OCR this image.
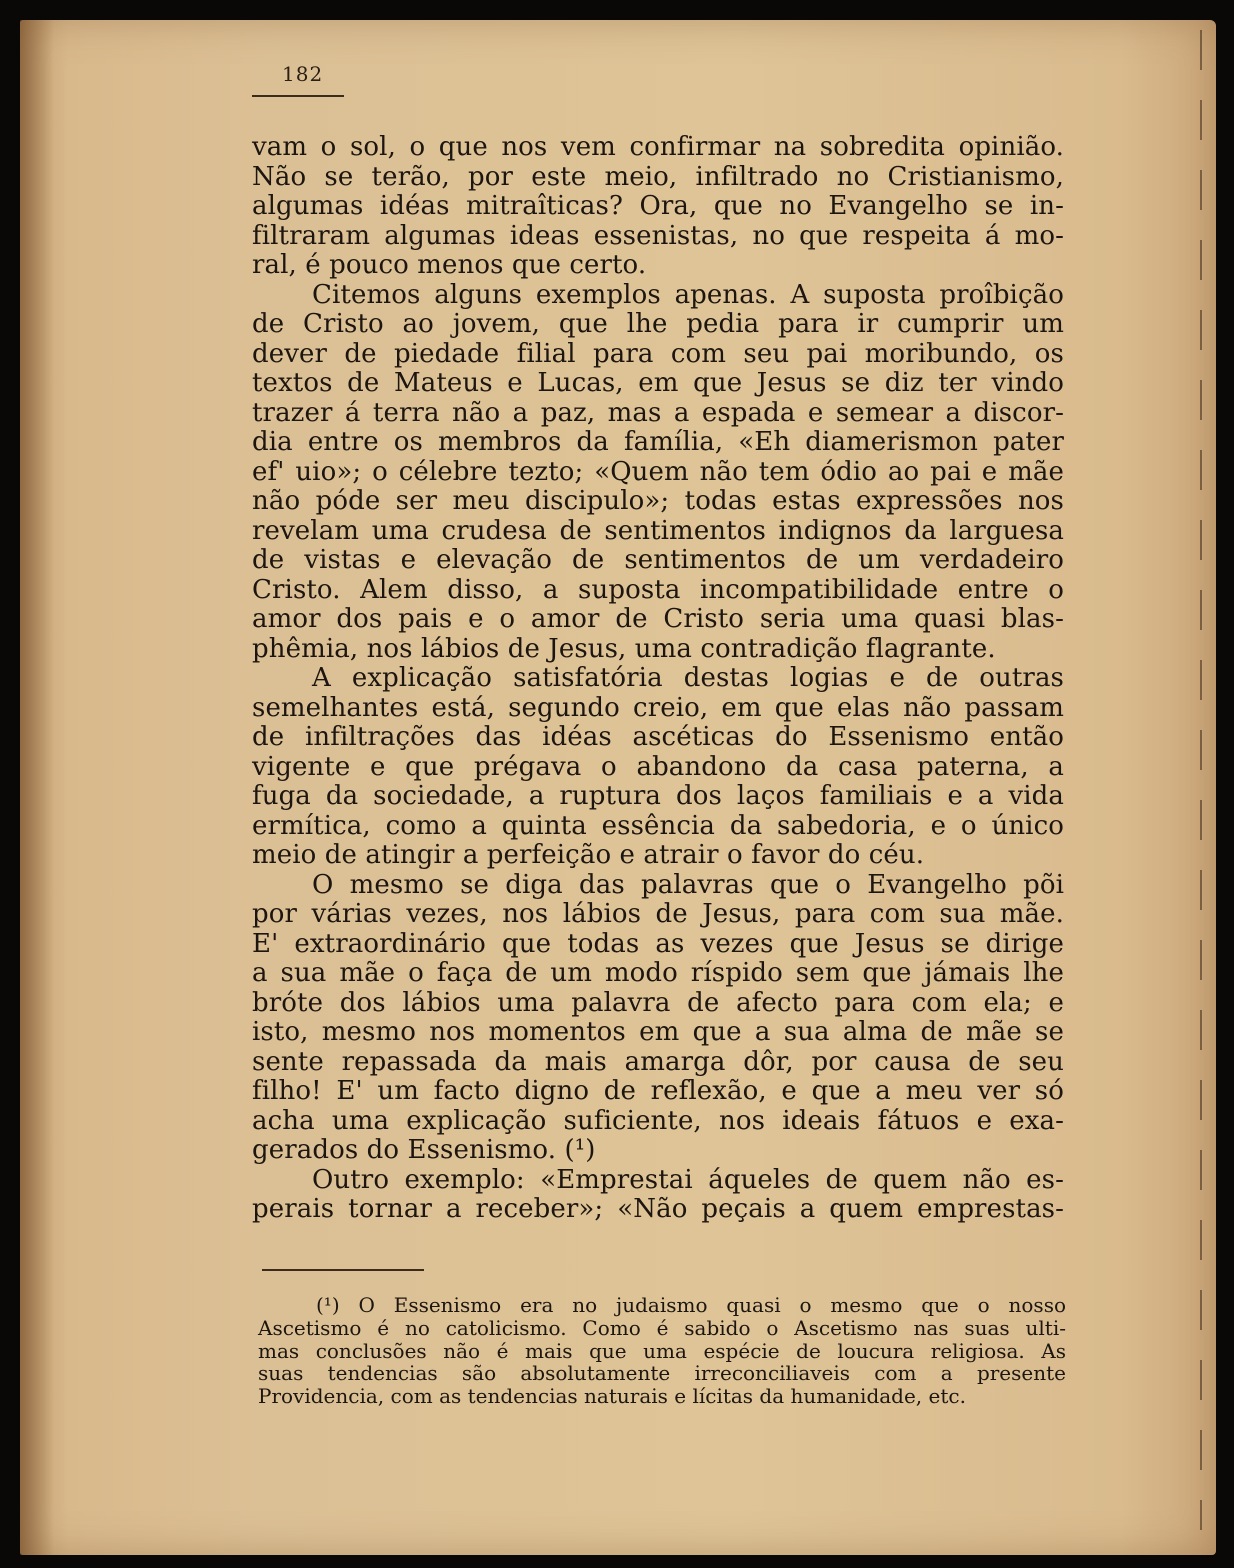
182
vam o sol, o que nos vem confirmar na sobredita opinião.
Não se terão, por este meio, infiltrado no Cristianismo,
algumas idéas mitraîticas? Ora, que no Evangelho se in-
filtraram algumas ideas essenistas, no que respeita á mo-
ral, é pouco menos que certo.
Citemos alguns exemplos apenas. A suposta proîbição
de Cristo ao jovem, que lhe pedia para ir cumprir um
dever de piedade filial para com seu pai moribundo, os
textos de Mateus e Lucas, em que Jesus se diz ter vindo
trazer á terra não a paz, mas a espada e semear a discor-
dia entre os membros da família, «Eh diamerismon pater
ef' uio»; o célebre tezto; «Quem não tem ódio ao pai e mãe
não póde ser meu discipulo»; todas estas expressões nos
revelam uma crudesa de sentimentos indignos da larguesa
de vistas e elevação de sentimentos de um verdadeiro
Cristo. Alem disso, a suposta incompatibilidade entre o
amor dos pais e o amor de Cristo seria uma quasi blas-
phêmia, nos lábios de Jesus, uma contradição flagrante.
A explicação satisfatória destas logias e de outras
semelhantes está, segundo creio, em que elas não passam
de infiltrações das idéas ascéticas do Essenismo então
vigente e que prégava o abandono da casa paterna, a
fuga da sociedade, a ruptura dos laços familiais e a vida
ermítica, como a quinta essência da sabedoria, e o único
meio de atingir a perfeição e atrair o favor do céu.
O mesmo se diga das palavras que o Evangelho põi
por várias vezes, nos lábios de Jesus, para com sua mãe.
E' extraordinário que todas as vezes que Jesus se dirige
a sua mãe o faça de um modo ríspido sem que jámais lhe
bróte dos lábios uma palavra de afecto para com ela; e
isto, mesmo nos momentos em que a sua alma de mãe se
sente repassada da mais amarga dôr, por causa de seu
filho! E' um facto digno de reflexão, e que a meu ver só
acha uma explicação suficiente, nos ideais fátuos e exa-
gerados do Essenismo. (¹)
Outro exemplo: «Emprestai áqueles de quem não es-
perais tornar a receber»; «Não peçais a quem emprestas-
(¹) O Essenismo era no judaismo quasi o mesmo que o nosso
Ascetismo é no catolicismo. Como é sabido o Ascetismo nas suas ulti-
mas conclusões não é mais que uma espécie de loucura religiosa. As
suas tendencias são absolutamente irreconciliaveis com a presente
Providencia, com as tendencias naturais e lícitas da humanidade, etc.
